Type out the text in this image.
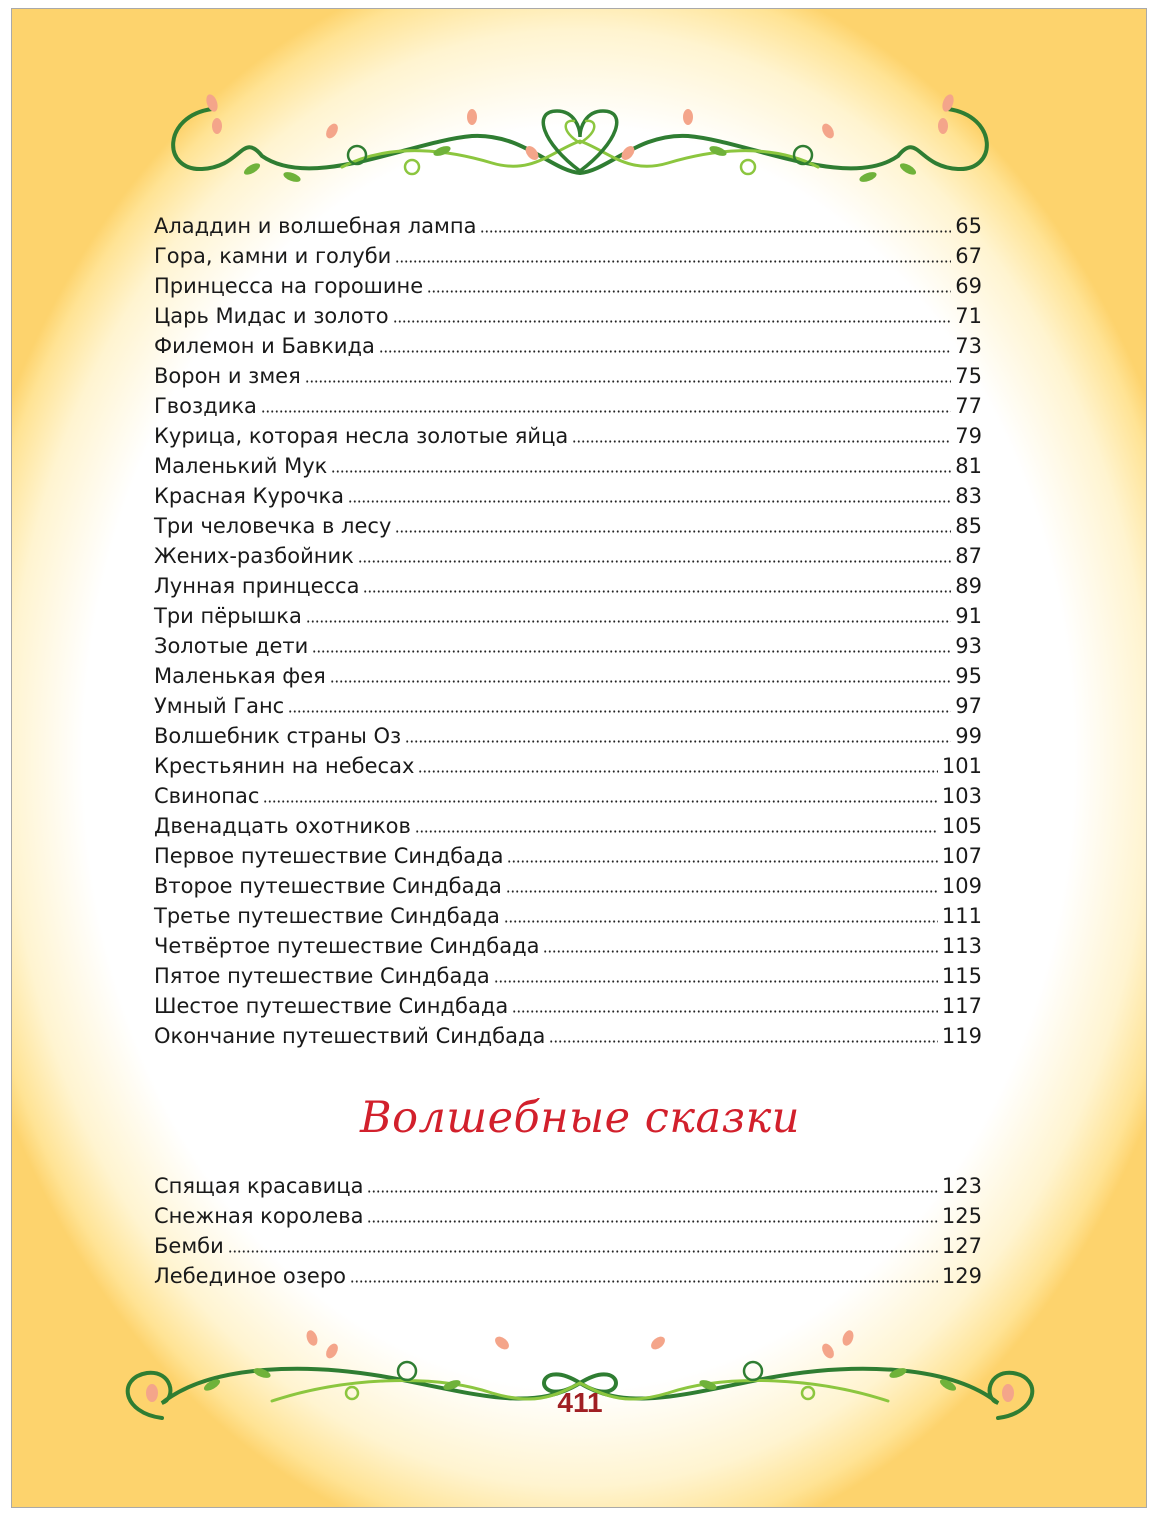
Аладдин и волшебная лампа	65
Гора, камни и голуби	67
Принцесса на горошине	69
Царь Мидас и золото	71
Филемон и Бавкида	73
Ворон и змея	75
Гвоздика	77
Курица, которая несла золотые яйца	79
Маленький Мук	81
Красная Курочка	83
Три человечка в лесу	85
Жених-разбойник	87
Лунная принцесса	89
Три пёрышка	91
Золотые дети	93
Маленькая фея	95
Умный Ганс	97
Волшебник страны Оз	99
Крестьянин на небесах	101
Свинопас	103
Двенадцать охотников	105
Первое путешествие Синдбада	107
Второе путешествие Синдбада	109
Третье путешествие Синдбада	111
Четвёртое путешествие Синдбада	113
Пятое путешествие Синдбада	115
Шестое путешествие Синдбада	117
Окончание путешествий Синдбада	119
Волшебные сказки
Спящая красавица	123
Снежная королева	125
Бемби	127
Лебединое озеро	129
411
